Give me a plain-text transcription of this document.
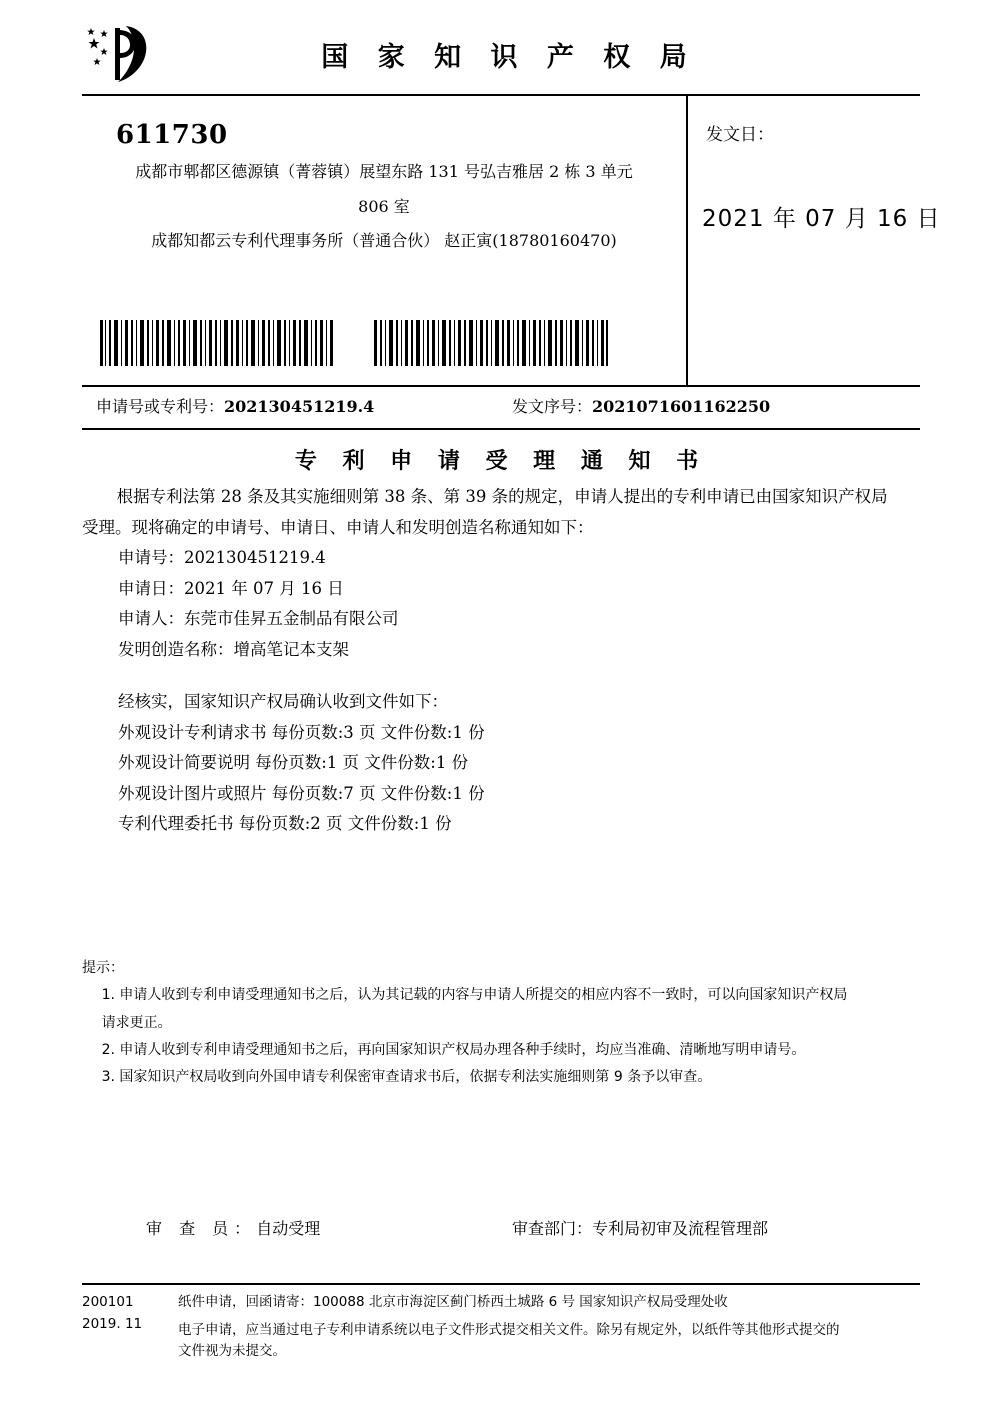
国 家 知 识 产 权 局
611730
成都市郫都区德源镇（菁蓉镇）展望东路 131 号弘吉雅居 2 栋 3 单元
806 室
成都知都云专利代理事务所（普通合伙） 赵正寅(18780160470)
发文日：
2021 年 07 月 16 日
申请号或专利号：202130451219.4	发文序号：2021071601162250
专 利 申 请 受 理 通 知 书
根据专利法第 28 条及其实施细则第 38 条、第 39 条的规定，申请人提出的专利申请已由国家知识产权局
受理。现将确定的申请号、申请日、申请人和发明创造名称通知如下：
申请号：202130451219.4
申请日：2021 年 07 月 16 日
申请人：东莞市佳昇五金制品有限公司
发明创造名称：增高笔记本支架
经核实，国家知识产权局确认收到文件如下：
外观设计专利请求书 每份页数:3 页 文件份数:1 份
外观设计简要说明 每份页数:1 页 文件份数:1 份
外观设计图片或照片 每份页数:7 页 文件份数:1 份
专利代理委托书 每份页数:2 页 文件份数:1 份
提示：
1. 申请人收到专利申请受理通知书之后，认为其记载的内容与申请人所提交的相应内容不一致时，可以向国家知识产权局
请求更正。
2. 申请人收到专利申请受理通知书之后，再向国家知识产权局办理各种手续时，均应当准确、清晰地写明申请号。
3. 国家知识产权局收到向外国申请专利保密审查请求书后，依据专利法实施细则第 9 条予以审查。
审 查 员：自动受理	审查部门：专利局初审及流程管理部
200101
2019. 11
纸件申请，回函请寄：100088 北京市海淀区蓟门桥西土城路 6 号 国家知识产权局受理处收
电子申请，应当通过电子专利申请系统以电子文件形式提交相关文件。除另有规定外，以纸件等其他形式提交的
文件视为未提交。
